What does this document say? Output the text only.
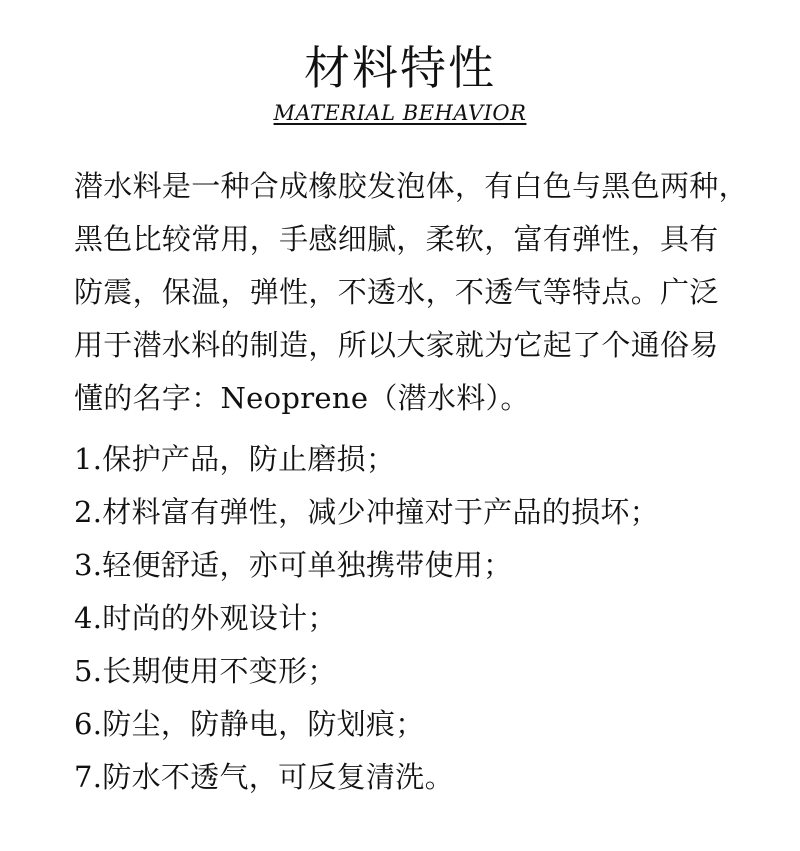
材料特性
MATERIAL BEHAVIOR
潜水料是一种合成橡胶发泡体，有白色与黑色两种，
黑色比较常用，手感细腻，柔软，富有弹性，具有
防震，保温，弹性，不透水，不透气等特点。广泛
用于潜水料的制造，所以大家就为它起了个通俗易
懂的名字：Neoprene（潜水料）。
1.保护产品，防止磨损；
2.材料富有弹性，减少冲撞对于产品的损坏；
3.轻便舒适，亦可单独携带使用；
4.时尚的外观设计；
5.长期使用不变形；
6.防尘，防静电，防划痕；
7.防水不透气，可反复清洗。
